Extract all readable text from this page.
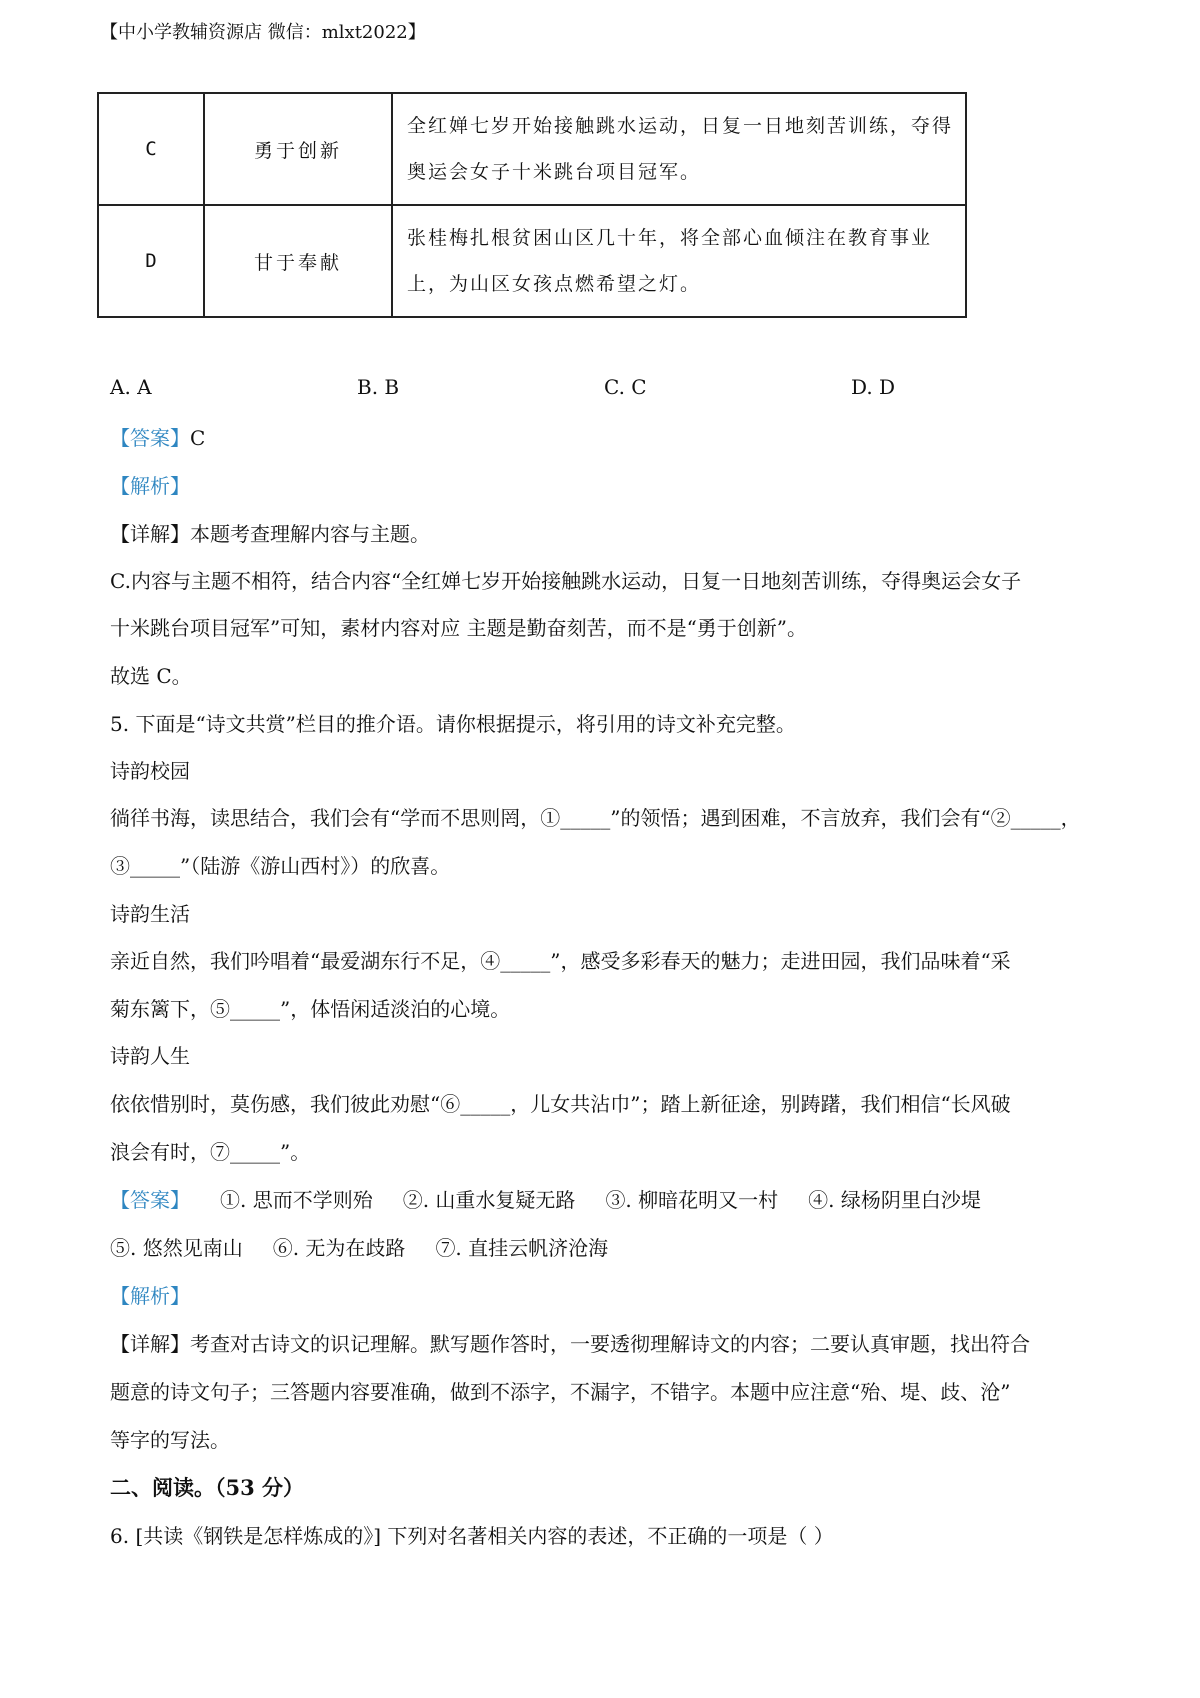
【中小学教辅资源店 微信：mlxt2022】
C	勇于创新	全红婵七岁开始接触跳水运动，日复一日地刻苦训练，夺得奥运会女子十米跳台项目冠军。
D	甘于奉献	张桂梅扎根贫困山区几十年，将全部心血倾注在教育事业上，为山区女孩点燃希望之灯。
A. A	B. B	C. C	D. D
【答案】C
【解析】
【详解】本题考查理解内容与主题。
C.内容与主题不相符，结合内容“全红婵七岁开始接触跳水运动，日复一日地刻苦训练，夺得奥运会女子
十米跳台项目冠军”可知，素材内容对应 主题是勤奋刻苦，而不是“勇于创新”。
故选 C。
5. 下面是“诗文共赏”栏目的推介语。请你根据提示，将引用的诗文补充完整。
诗韵校园
徜徉书海，读思结合，我们会有“学而不思则罔，①_____”的领悟；遇到困难，不言放弃，我们会有“②_____，
③_____”（陆游《游山西村》）的欣喜。
诗韵生活
亲近自然，我们吟唱着“最爱湖东行不足，④_____”，感受多彩春天的魅力；走进田园，我们品味着“采
菊东篱下，⑤_____”，体悟闲适淡泊的心境。
诗韵人生
依依惜别时，莫伤感，我们彼此劝慰“⑥_____，儿女共沾巾”；踏上新征途，别踌躇，我们相信“长风破
浪会有时，⑦_____”。
【答案】 ①. 思而不学则殆 ②. 山重水复疑无路 ③. 柳暗花明又一村 ④. 绿杨阴里白沙堤
⑤. 悠然见南山 ⑥. 无为在歧路 ⑦. 直挂云帆济沧海
【解析】
【详解】考查对古诗文的识记理解。默写题作答时，一要透彻理解诗文的内容；二要认真审题，找出符合
题意的诗文句子；三答题内容要准确，做到不添字，不漏字，不错字。本题中应注意“殆、堤、歧、沧”
等字的写法。
二、阅读。（53 分）
6. [共读《钢铁是怎样炼成的》] 下列对名著相关内容的表述，不正确的一项是（ ）
